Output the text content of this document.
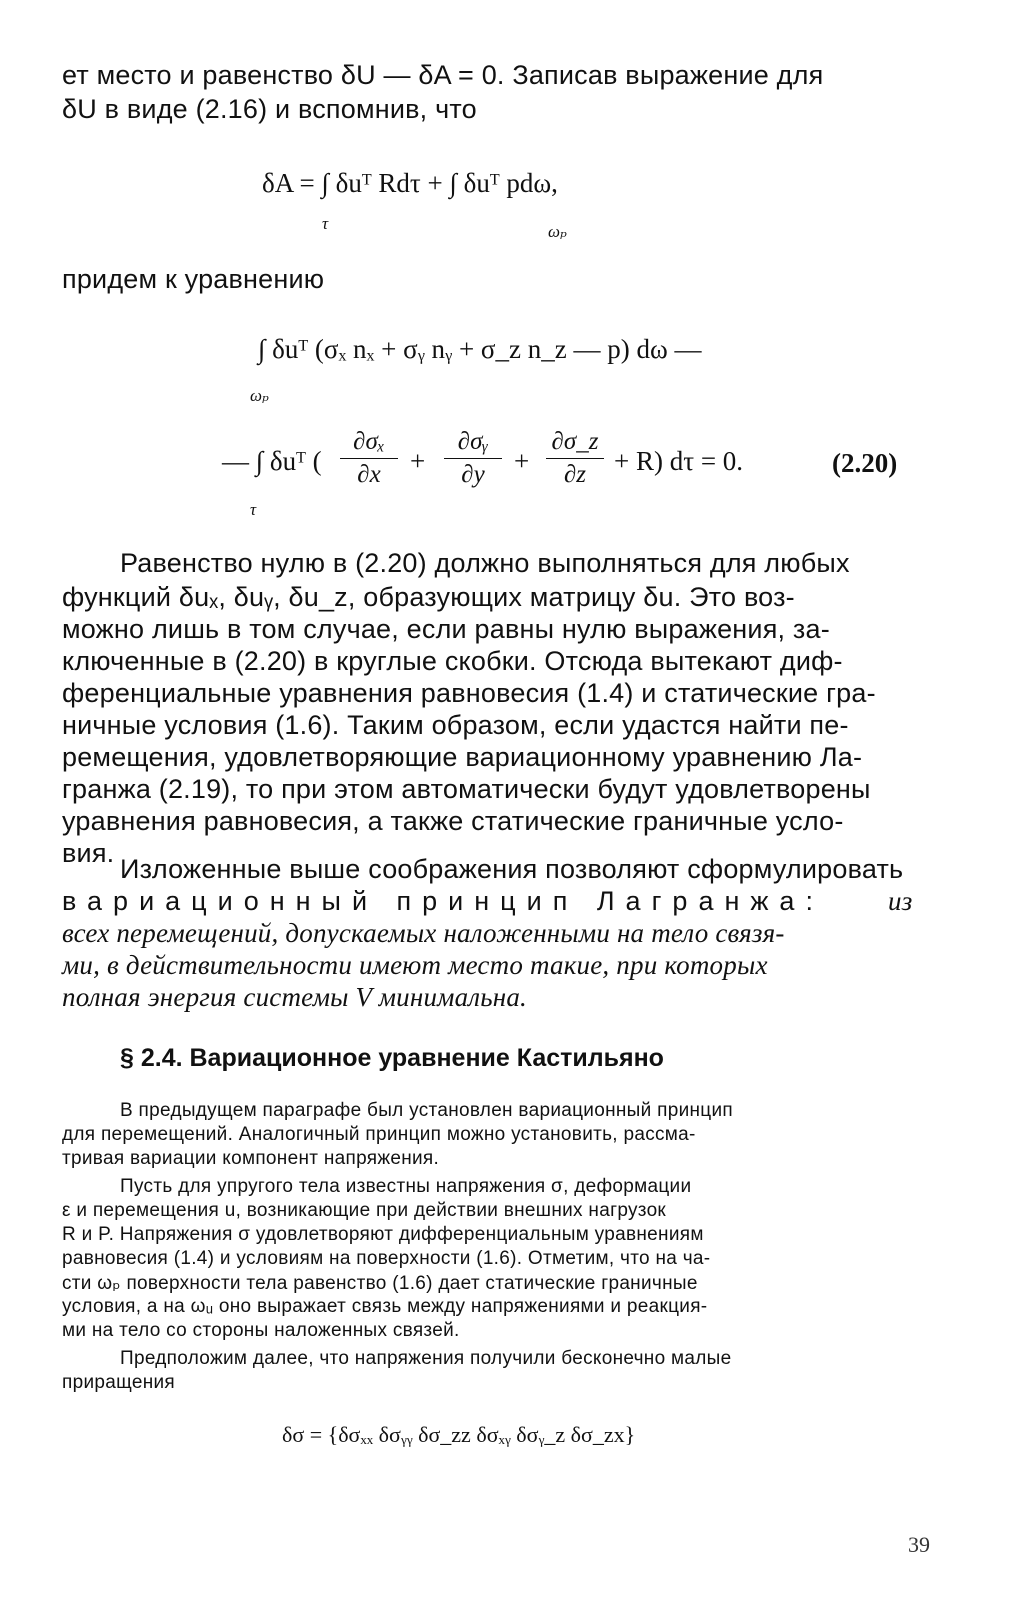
ет место и равенство δU — δA = 0. Записав выражение для
δU в виде (2.16) и вспомнив, что
δA = ∫ δuᵀ Rdτ + ∫ δuᵀ pdω,
τ	ωₚ
придем к уравнению
∫ δuᵀ (σₓ nₓ + σᵧ nᵧ + σ_z n_z — p) dω —
ωₚ
— ∫ δuᵀ ( $\frac{\text{∂σₓ}}{\partial x} + \frac{\text{∂σᵧ}}{\partial y} + \frac{\partial\sigma\_z}{\partial z} + R$) dτ = 0.
τ
(2.20)
Равенство нулю в (2.20) должно выполняться для любых
функций δuₓ, δuᵧ, δu_z, образующих матрицу δu. Это воз-
можно лишь в том случае, если равны нулю выражения, за-
ключенные в (2.20) в круглые скобки. Отсюда вытекают диф-
ференциальные уравнения равновесия (1.4) и статические гра-
ничные условия (1.6). Таким образом, если удастся найти пе-
ремещения, удовлетворяющие вариационному уравнению Ла-
гранжа (2.19), то при этом автоматически будут удовлетворены
уравнения равновесия, а также статические граничные усло-
вия.
Изложенные выше соображения позволяют сформулировать
вариационный принцип Лагранжа: из
всех перемещений, допускаемых наложенными на тело связя-
ми, в действительности имеют место такие, при которых
полная энергия системы V минимальна.
§ 2.4. Вариационное уравнение Кастильяно
В предыдущем параграфе был установлен вариационный принцип
для перемещений. Аналогичный принцип можно установить, рассма-
тривая вариации компонент напряжения.
Пусть для упругого тела известны напряжения σ, деформации
ε и перемещения u, возникающие при действии внешних нагрузок
R и P. Напряжения σ удовлетворяют дифференциальным уравнениям
равновесия (1.4) и условиям на поверхности (1.6). Отметим, что на ча-
сти ωₚ поверхности тела равенство (1.6) дает статические граничные
условия, а на ωᵤ оно выражает связь между напряжениями и реакция-
ми на тело со стороны наложенных связей.
Предположим далее, что напряжения получили бесконечно малые
приращения
δσ = {δσₓₓ δσᵧᵧ δσ_zz δσₓᵧ δσᵧ_z δσ_zx}
39
